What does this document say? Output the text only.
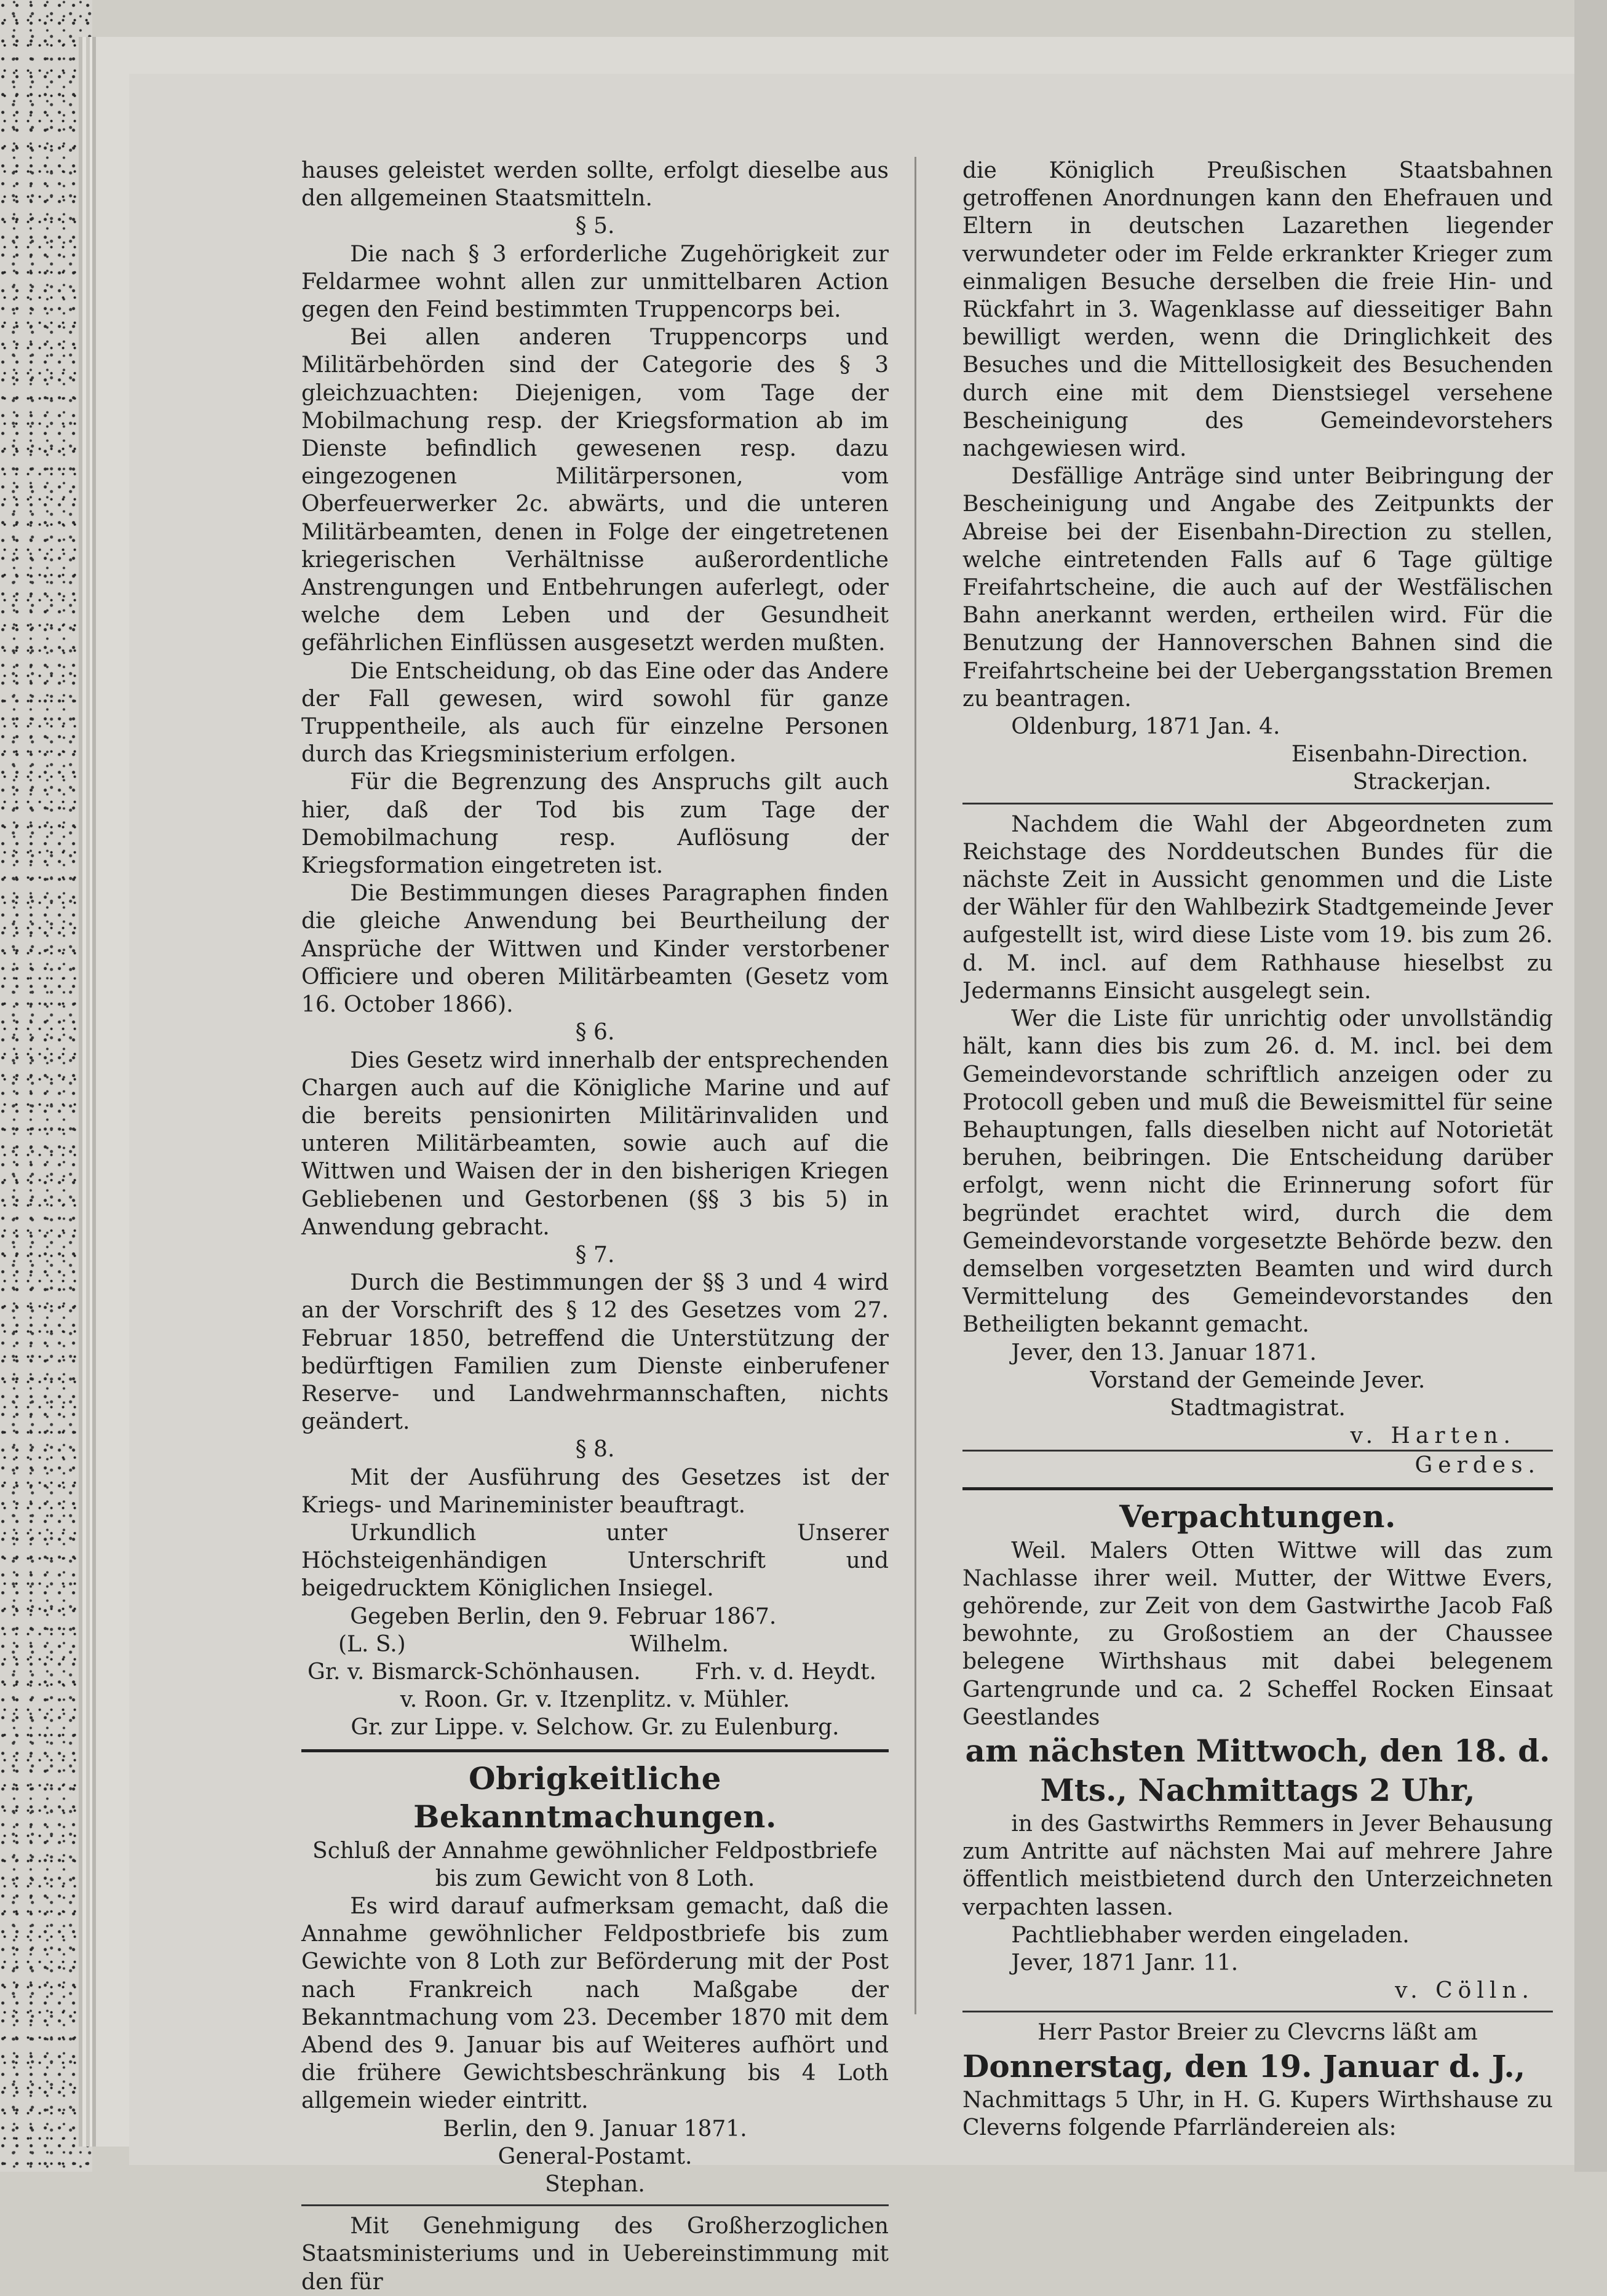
hauses geleistet werden sollte, erfolgt dieselbe aus den allgemeinen Staatsmitteln.

§ 5.

Die nach § 3 erforderliche Zugehörigkeit zur Feldarmee wohnt allen zur unmittelbaren Action gegen den Feind bestimmten Truppencorps bei.

Bei allen anderen Truppencorps und Militärbehörden sind der Categorie des § 3 gleichzuachten: Diejenigen, vom Tage der Mobilmachung resp. der Kriegsformation ab im Dienste befindlich gewesenen resp. dazu eingezogenen Militärpersonen, vom Oberfeuerwerker 2c. abwärts, und die unteren Militärbeamten, denen in Folge der eingetretenen kriegerischen Verhältnisse außerordentliche Anstrengungen und Entbehrungen auferlegt, oder welche dem Leben und der Gesundheit gefährlichen Einflüssen ausgesetzt werden mußten.

Die Entscheidung, ob das Eine oder das Andere der Fall gewesen, wird sowohl für ganze Truppentheile, als auch für einzelne Personen durch das Kriegsministerium erfolgen.

Für die Begrenzung des Anspruchs gilt auch hier, daß der Tod bis zum Tage der Demobilmachung resp. Auflösung der Kriegsformation eingetreten ist.

Die Bestimmungen dieses Paragraphen finden die gleiche Anwendung bei Beurtheilung der Ansprüche der Wittwen und Kinder verstorbener Officiere und oberen Militärbeamten (Gesetz vom 16. October 1866).

§ 6.

Dies Gesetz wird innerhalb der entsprechenden Chargen auch auf die Königliche Marine und auf die bereits pensionirten Militärinvaliden und unteren Militärbeamten, sowie auch auf die Wittwen und Waisen der in den bisherigen Kriegen Gebliebenen und Gestorbenen (§§ 3 bis 5) in Anwendung gebracht.

§ 7.

Durch die Bestimmungen der §§ 3 und 4 wird an der Vorschrift des § 12 des Gesetzes vom 27. Februar 1850, betreffend die Unterstützung der bedürftigen Familien zum Dienste einberufener Reserve- und Landwehrmannschaften, nichts geändert.

§ 8.

Mit der Ausführung des Gesetzes ist der Kriegs- und Marineminister beauftragt.

Urkundlich unter Unserer Höchsteigenhändigen Unterschrift und beigedrucktem Königlichen Insiegel.

Gegeben Berlin, den 9. Februar 1867.

(L. S.)	Wilhelm.
Gr. v. Bismarck-Schönhausen. Frh. v. d. Heydt.

v. Roon. Gr. v. Itzenplitz. v. Mühler.

Gr. zur Lippe. v. Selchow. Gr. zu Eulenburg.

Obrigkeitliche Bekanntmachungen.

Schluß der Annahme gewöhnlicher Feldpostbriefe

bis zum Gewicht von 8 Loth.

Es wird darauf aufmerksam gemacht, daß die Annahme gewöhnlicher Feldpostbriefe bis zum Gewichte von 8 Loth zur Beförderung mit der Post nach Frankreich nach Maßgabe der Bekanntmachung vom 23. December 1870 mit dem Abend des 9. Januar bis auf Weiteres aufhört und die frühere Gewichtsbeschränkung bis 4 Loth allgemein wieder eintritt.

Berlin, den 9. Januar 1871.

General-Postamt.

Stephan.

Mit Genehmigung des Großherzoglichen Staatsministeriums und in Uebereinstimmung mit den für

die Königlich Preußischen Staatsbahnen getroffenen Anordnungen kann den Ehefrauen und Eltern in deutschen Lazarethen liegender verwundeter oder im Felde erkrankter Krieger zum einmaligen Besuche derselben die freie Hin- und Rückfahrt in 3. Wagenklasse auf diesseitiger Bahn bewilligt werden, wenn die Dringlichkeit des Besuches und die Mittellosigkeit des Besuchenden durch eine mit dem Dienstsiegel versehene Bescheinigung des Gemeindevorstehers nachgewiesen wird.

Desfällige Anträge sind unter Beibringung der Bescheinigung und Angabe des Zeitpunkts der Abreise bei der Eisenbahn-Direction zu stellen, welche eintretenden Falls auf 6 Tage gültige Freifahrtscheine, die auch auf der Westfälischen Bahn anerkannt werden, ertheilen wird. Für die Benutzung der Hannoverschen Bahnen sind die Freifahrtscheine bei der Uebergangsstation Bremen zu beantragen.

Oldenburg, 1871 Jan. 4.

Eisenbahn-Direction.

Strackerjan.

Nachdem die Wahl der Abgeordneten zum Reichstage des Norddeutschen Bundes für die nächste Zeit in Aussicht genommen und die Liste der Wähler für den Wahlbezirk Stadtgemeinde Jever aufgestellt ist, wird diese Liste vom 19. bis zum 26. d. M. incl. auf dem Rathhause hieselbst zu Jedermanns Einsicht ausgelegt sein.

Wer die Liste für unrichtig oder unvollständig hält, kann dies bis zum 26. d. M. incl. bei dem Gemeindevorstande schriftlich anzeigen oder zu Protocoll geben und muß die Beweismittel für seine Behauptungen, falls dieselben nicht auf Notorietät beruhen, beibringen. Die Entscheidung darüber erfolgt, wenn nicht die Erinnerung sofort für begründet erachtet wird, durch die dem Gemeindevorstande vorgesetzte Behörde bezw. den demselben vorgesetzten Beamten und wird durch Vermittelung des Gemeindevorstandes den Betheiligten bekannt gemacht.

Jever, den 13. Januar 1871.

Vorstand der Gemeinde Jever.

Stadtmagistrat.

v. Harten.

Gerdes.

Verpachtungen.

Weil. Malers Otten Wittwe will das zum Nachlasse ihrer weil. Mutter, der Wittwe Evers, gehörende, zur Zeit von dem Gastwirthe Jacob Faß bewohnte, zu Großostiem an der Chaussee belegene Wirthshaus mit dabei belegenem Gartengrunde und ca. 2 Scheffel Rocken Einsaat Geestlandes

am nächsten Mittwoch, den 18. d.

Mts., Nachmittags 2 Uhr,

in des Gastwirths Remmers in Jever Behausung zum Antritte auf nächsten Mai auf mehrere Jahre öffentlich meistbietend durch den Unterzeichneten verpachten lassen.

Pachtliebhaber werden eingeladen.

Jever, 1871 Janr. 11.

v. Cölln.

Herr Pastor Breier zu Clevcrns läßt am

Donnerstag, den 19. Januar d. J.,

Nachmittags 5 Uhr, in H. G. Kupers Wirthshause zu Cleverns folgende Pfarrländereien als:
